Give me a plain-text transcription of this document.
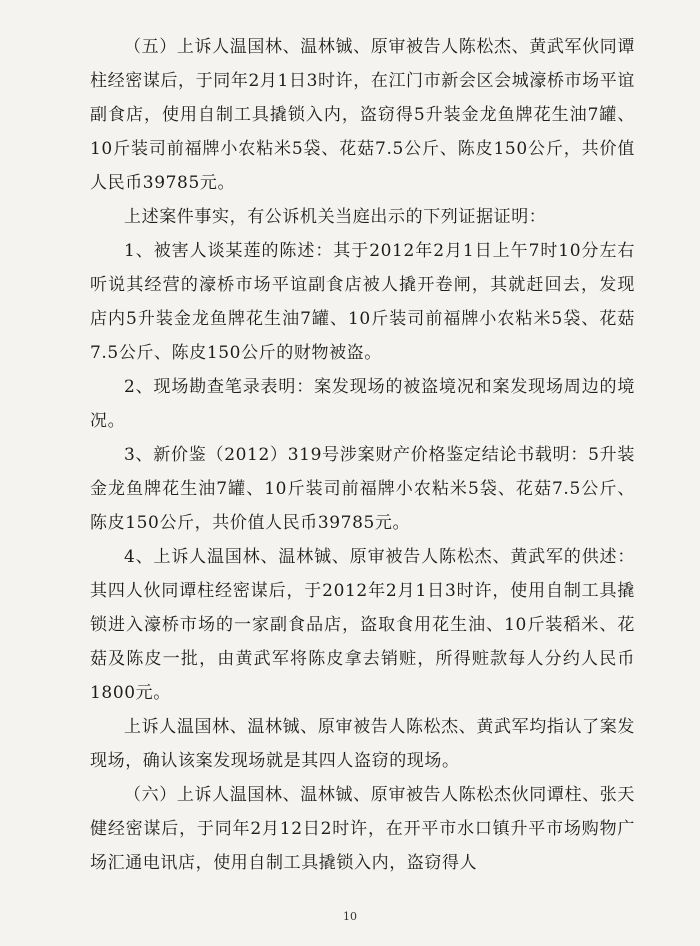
（五）上诉人温国林、温林铖、原审被告人陈松杰、黄武军伙同谭柱经密谋后，于同年2月1日3时许，在江门市新会区会城濠桥市场平谊副食店，使用自制工具撬锁入内，盗窃得5升装金龙鱼牌花生油7罐、10斤装司前福牌小农粘米5袋、花菇7.5公斤、陈皮150公斤，共价值人民币39785元。

上述案件事实，有公诉机关当庭出示的下列证据证明：

1、被害人谈某莲的陈述：其于2012年2月1日上午7时10分左右听说其经营的濠桥市场平谊副食店被人撬开卷闸，其就赶回去，发现店内5升装金龙鱼牌花生油7罐、10斤装司前福牌小农粘米5袋、花菇7.5公斤、陈皮150公斤的财物被盗。

2、现场勘查笔录表明：案发现场的被盗境况和案发现场周边的境况。

3、新价鉴（2012）319号涉案财产价格鉴定结论书载明：5升装金龙鱼牌花生油7罐、10斤装司前福牌小农粘米5袋、花菇7.5公斤、陈皮150公斤，共价值人民币39785元。

4、上诉人温国林、温林铖、原审被告人陈松杰、黄武军的供述：其四人伙同谭柱经密谋后，于2012年2月1日3时许，使用自制工具撬锁进入濠桥市场的一家副食品店，盗取食用花生油、10斤装稻米、花菇及陈皮一批，由黄武军将陈皮拿去销赃，所得赃款每人分约人民币1800元。

上诉人温国林、温林铖、原审被告人陈松杰、黄武军均指认了案发现场，确认该案发现场就是其四人盗窃的现场。

（六）上诉人温国林、温林铖、原审被告人陈松杰伙同谭柱、张天健经密谋后，于同年2月12日2时许，在开平市水口镇升平市场购物广场汇通电讯店，使用自制工具撬锁入内，盗窃得人

10
